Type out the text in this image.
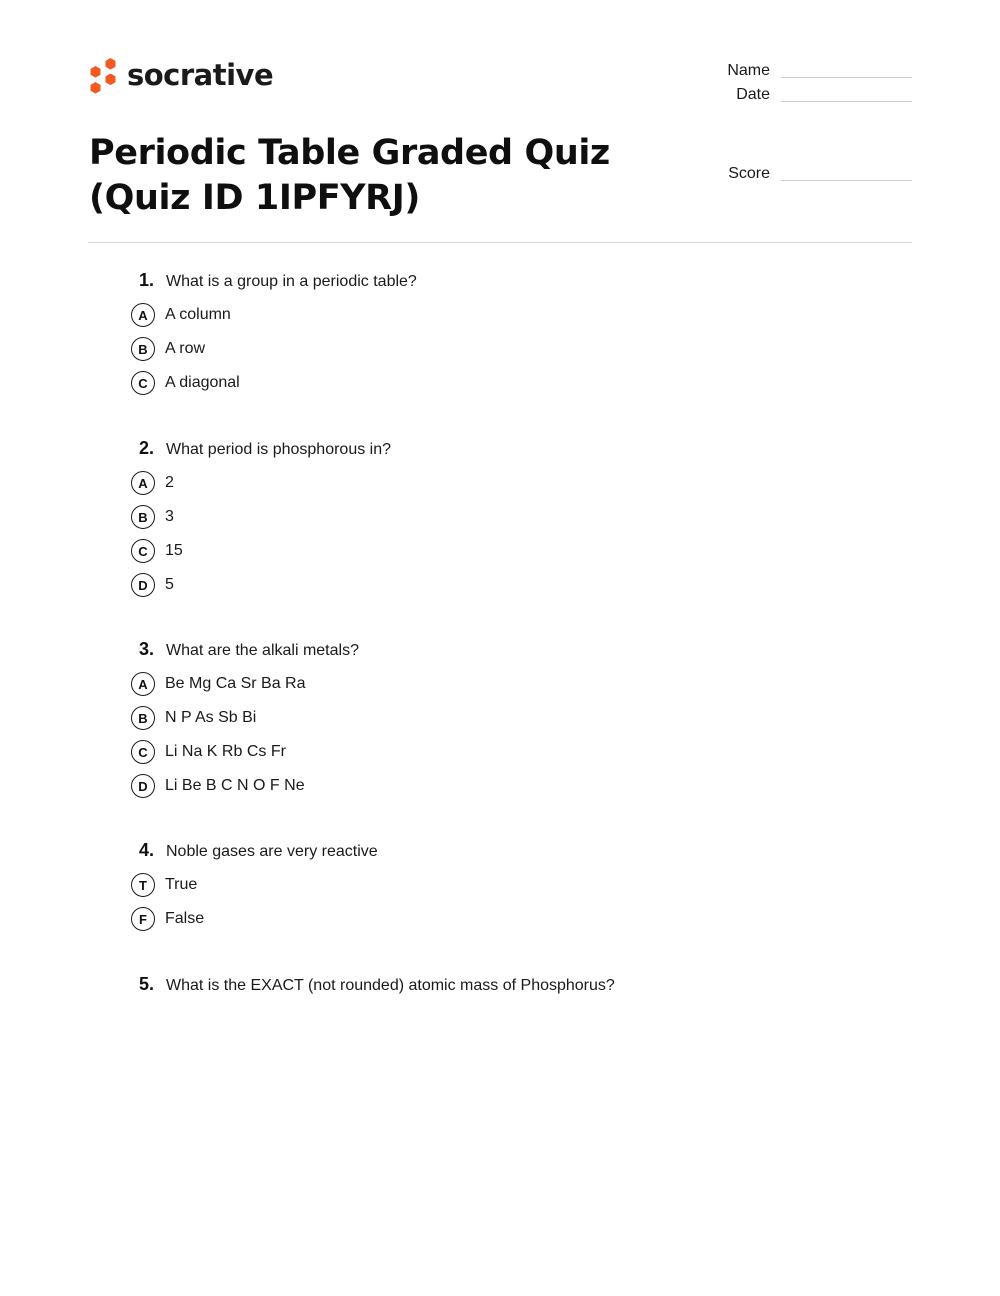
socrative	Name
Date
Score
Periodic Table Graded Quiz (Quiz ID 1IPFYRJ)
1. What is a group in a periodic table?
A	A column
B	A row
C	A diagonal
2. What period is phosphorous in?
A	2
B	3
C	15
D	5
3. What are the alkali metals?
A	Be Mg Ca Sr Ba Ra
B	N P As Sb Bi
C	Li Na K Rb Cs Fr
D	Li Be B C N O F Ne
4. Noble gases are very reactive
T	True
F	False
5. What is the EXACT (not rounded) atomic mass of Phosphorus?
